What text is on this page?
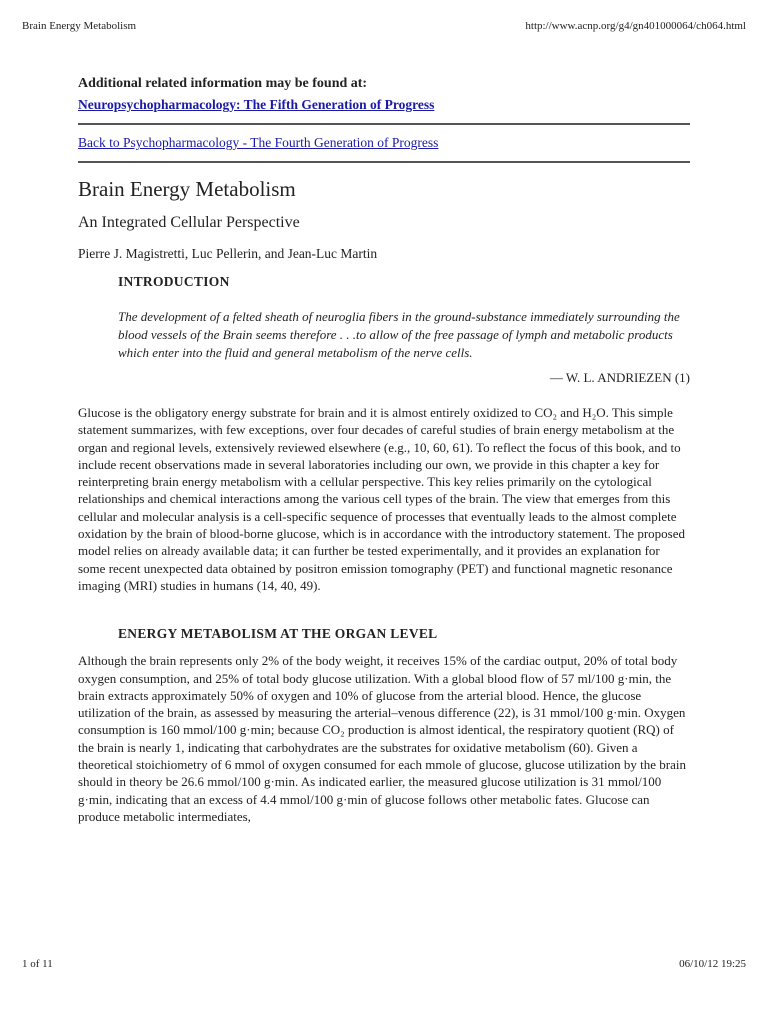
Brain Energy Metabolism	http://www.acnp.org/g4/gn401000064/ch064.html
Additional related information may be found at:
Neuropsychopharmacology: The Fifth Generation of Progress
Back to Psychopharmacology - The Fourth Generation of Progress
Brain Energy Metabolism
An Integrated Cellular Perspective
Pierre J. Magistretti, Luc Pellerin, and Jean-Luc Martin
INTRODUCTION
The development of a felted sheath of neuroglia fibers in the ground-substance immediately surrounding the blood vessels of the Brain seems therefore . . .to allow of the free passage of lymph and metabolic products which enter into the fluid and general metabolism of the nerve cells.
— W. L. ANDRIEZEN (1)

Glucose is the obligatory energy substrate for brain and it is almost entirely oxidized to CO₂ and H₂O. This simple statement summarizes, with few exceptions, over four decades of careful studies of brain energy metabolism at the organ and regional levels, extensively reviewed elsewhere (e.g., 10, 60, 61). To reflect the focus of this book, and to include recent observations made in several laboratories including our own, we provide in this chapter a key for reinterpreting brain energy metabolism with a cellular perspective. This key relies primarily on the cytological relationships and chemical interactions among the various cell types of the brain. The view that emerges from this cellular and molecular analysis is a cell-specific sequence of processes that eventually leads to the almost complete oxidation by the brain of blood-borne glucose, which is in accordance with the introductory statement. The proposed model relies on already available data; it can further be tested experimentally, and it provides an explanation for some recent unexpected data obtained by positron emission tomography (PET) and functional magnetic resonance imaging (MRI) studies in humans (14, 40, 49).

ENERGY METABOLISM AT THE ORGAN LEVEL

Although the brain represents only 2% of the body weight, it receives 15% of the cardiac output, 20% of total body oxygen consumption, and 25% of total body glucose utilization. With a global blood flow of 57 ml/100 g·min, the brain extracts approximately 50% of oxygen and 10% of glucose from the arterial blood. Hence, the glucose utilization of the brain, as assessed by measuring the arterial–venous difference (22), is 31 mmol/100 g·min. Oxygen consumption is 160 mmol/100 g·min; because CO₂ production is almost identical, the respiratory quotient (RQ) of the brain is nearly 1, indicating that carbohydrates are the substrates for oxidative metabolism (60). Given a theoretical stoichiometry of 6 mmol of oxygen consumed for each mmole of glucose, glucose utilization by the brain should in theory be 26.6 mmol/100 g·min. As indicated earlier, the measured glucose utilization is 31 mmol/100 g·min, indicating that an excess of 4.4 mmol/100 g·min of glucose follows other metabolic fates. Glucose can produce metabolic intermediates,

1 of 11	06/10/12 19:25
